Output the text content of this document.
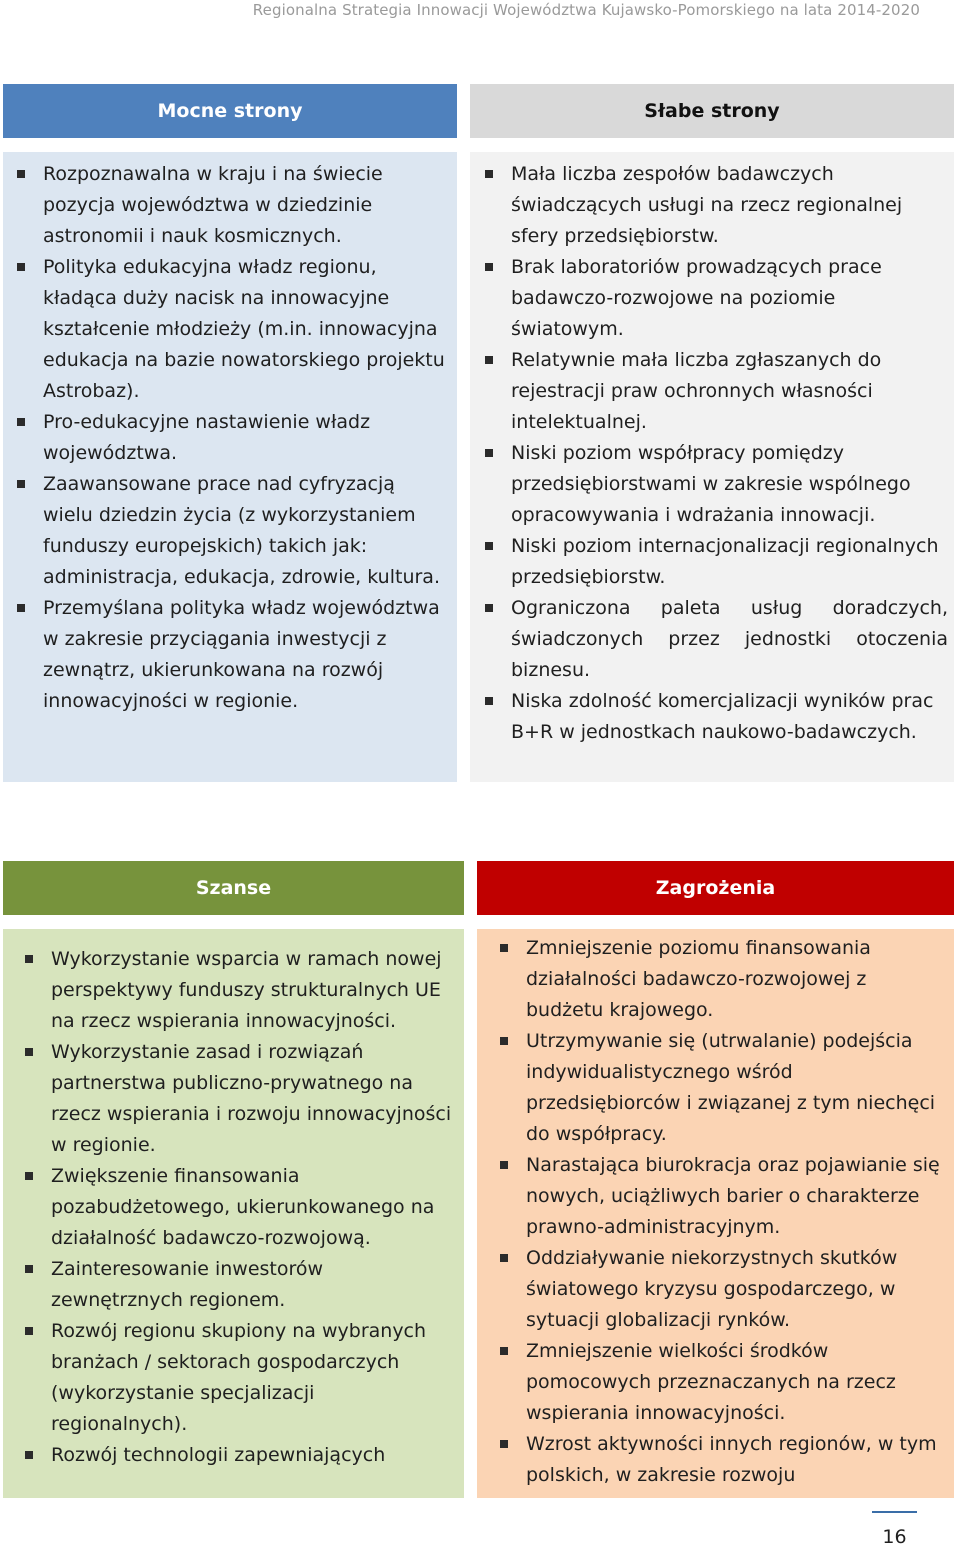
Regionalna Strategia Innowacji Województwa Kujawsko-Pomorskiego na lata 2014-2020
Mocne strony
Rozpoznawalna w kraju i na świecie pozycja województwa w dziedzinie astronomii i nauk kosmicznych.
Polityka edukacyjna władz regionu, kładąca duży nacisk na innowacyjne kształcenie młodzieży (m.in. innowacyjna edukacja na bazie nowatorskiego projektu Astrobaz).
Pro-edukacyjne nastawienie władz województwa.
Zaawansowane prace nad cyfryzacją wielu dziedzin życia (z wykorzystaniem funduszy europejskich) takich jak: administracja, edukacja, zdrowie, kultura.
Przemyślana polityka władz województwa w zakresie przyciągania inwestycji z zewnątrz, ukierunkowana na rozwój innowacyjności w regionie.
Słabe strony
Mała liczba zespołów badawczych świadczących usługi na rzecz regionalnej sfery przedsiębiorstw.
Brak laboratoriów prowadzących prace badawczo-rozwojowe na poziomie światowym.
Relatywnie mała liczba zgłaszanych do rejestracji praw ochronnych własności intelektualnej.
Niski poziom współpracy pomiędzy przedsiębiorstwami w zakresie wspólnego opracowywania i wdrażania innowacji.
Niski poziom internacjonalizacji regionalnych przedsiębiorstw.
Ograniczona paleta usług doradczych, świadczonych przez jednostki otoczenia biznesu.
Niska zdolność komercjalizacji wyników prac B+R w jednostkach naukowo-badawczych.
Szanse
Wykorzystanie wsparcia w ramach nowej perspektywy funduszy strukturalnych UE na rzecz wspierania innowacyjności.
Wykorzystanie zasad i rozwiązań partnerstwa publiczno-prywatnego na rzecz wspierania i rozwoju innowacyjności w regionie.
Zwiększenie finansowania pozabudżetowego, ukierunkowanego na działalność badawczo-rozwojową.
Zainteresowanie inwestorów zewnętrznych regionem.
Rozwój regionu skupiony na wybranych branżach / sektorach gospodarczych (wykorzystanie specjalizacji regionalnych).
Rozwój technologii zapewniających
Zagrożenia
Zmniejszenie poziomu finansowania działalności badawczo-rozwojowej z budżetu krajowego.
Utrzymywanie się (utrwalanie) podejścia indywidualistycznego wśród przedsiębiorców i związanej z tym niechęci do współpracy.
Narastająca biurokracja oraz pojawianie się nowych, uciążliwych barier o charakterze prawno-administracyjnym.
Oddziaływanie niekorzystnych skutków światowego kryzysu gospodarczego, w sytuacji globalizacji rynków.
Zmniejszenie wielkości środków pomocowych przeznaczanych na rzecz wspierania innowacyjności.
Wzrost aktywności innych regionów, w tym polskich, w zakresie rozwoju
16
